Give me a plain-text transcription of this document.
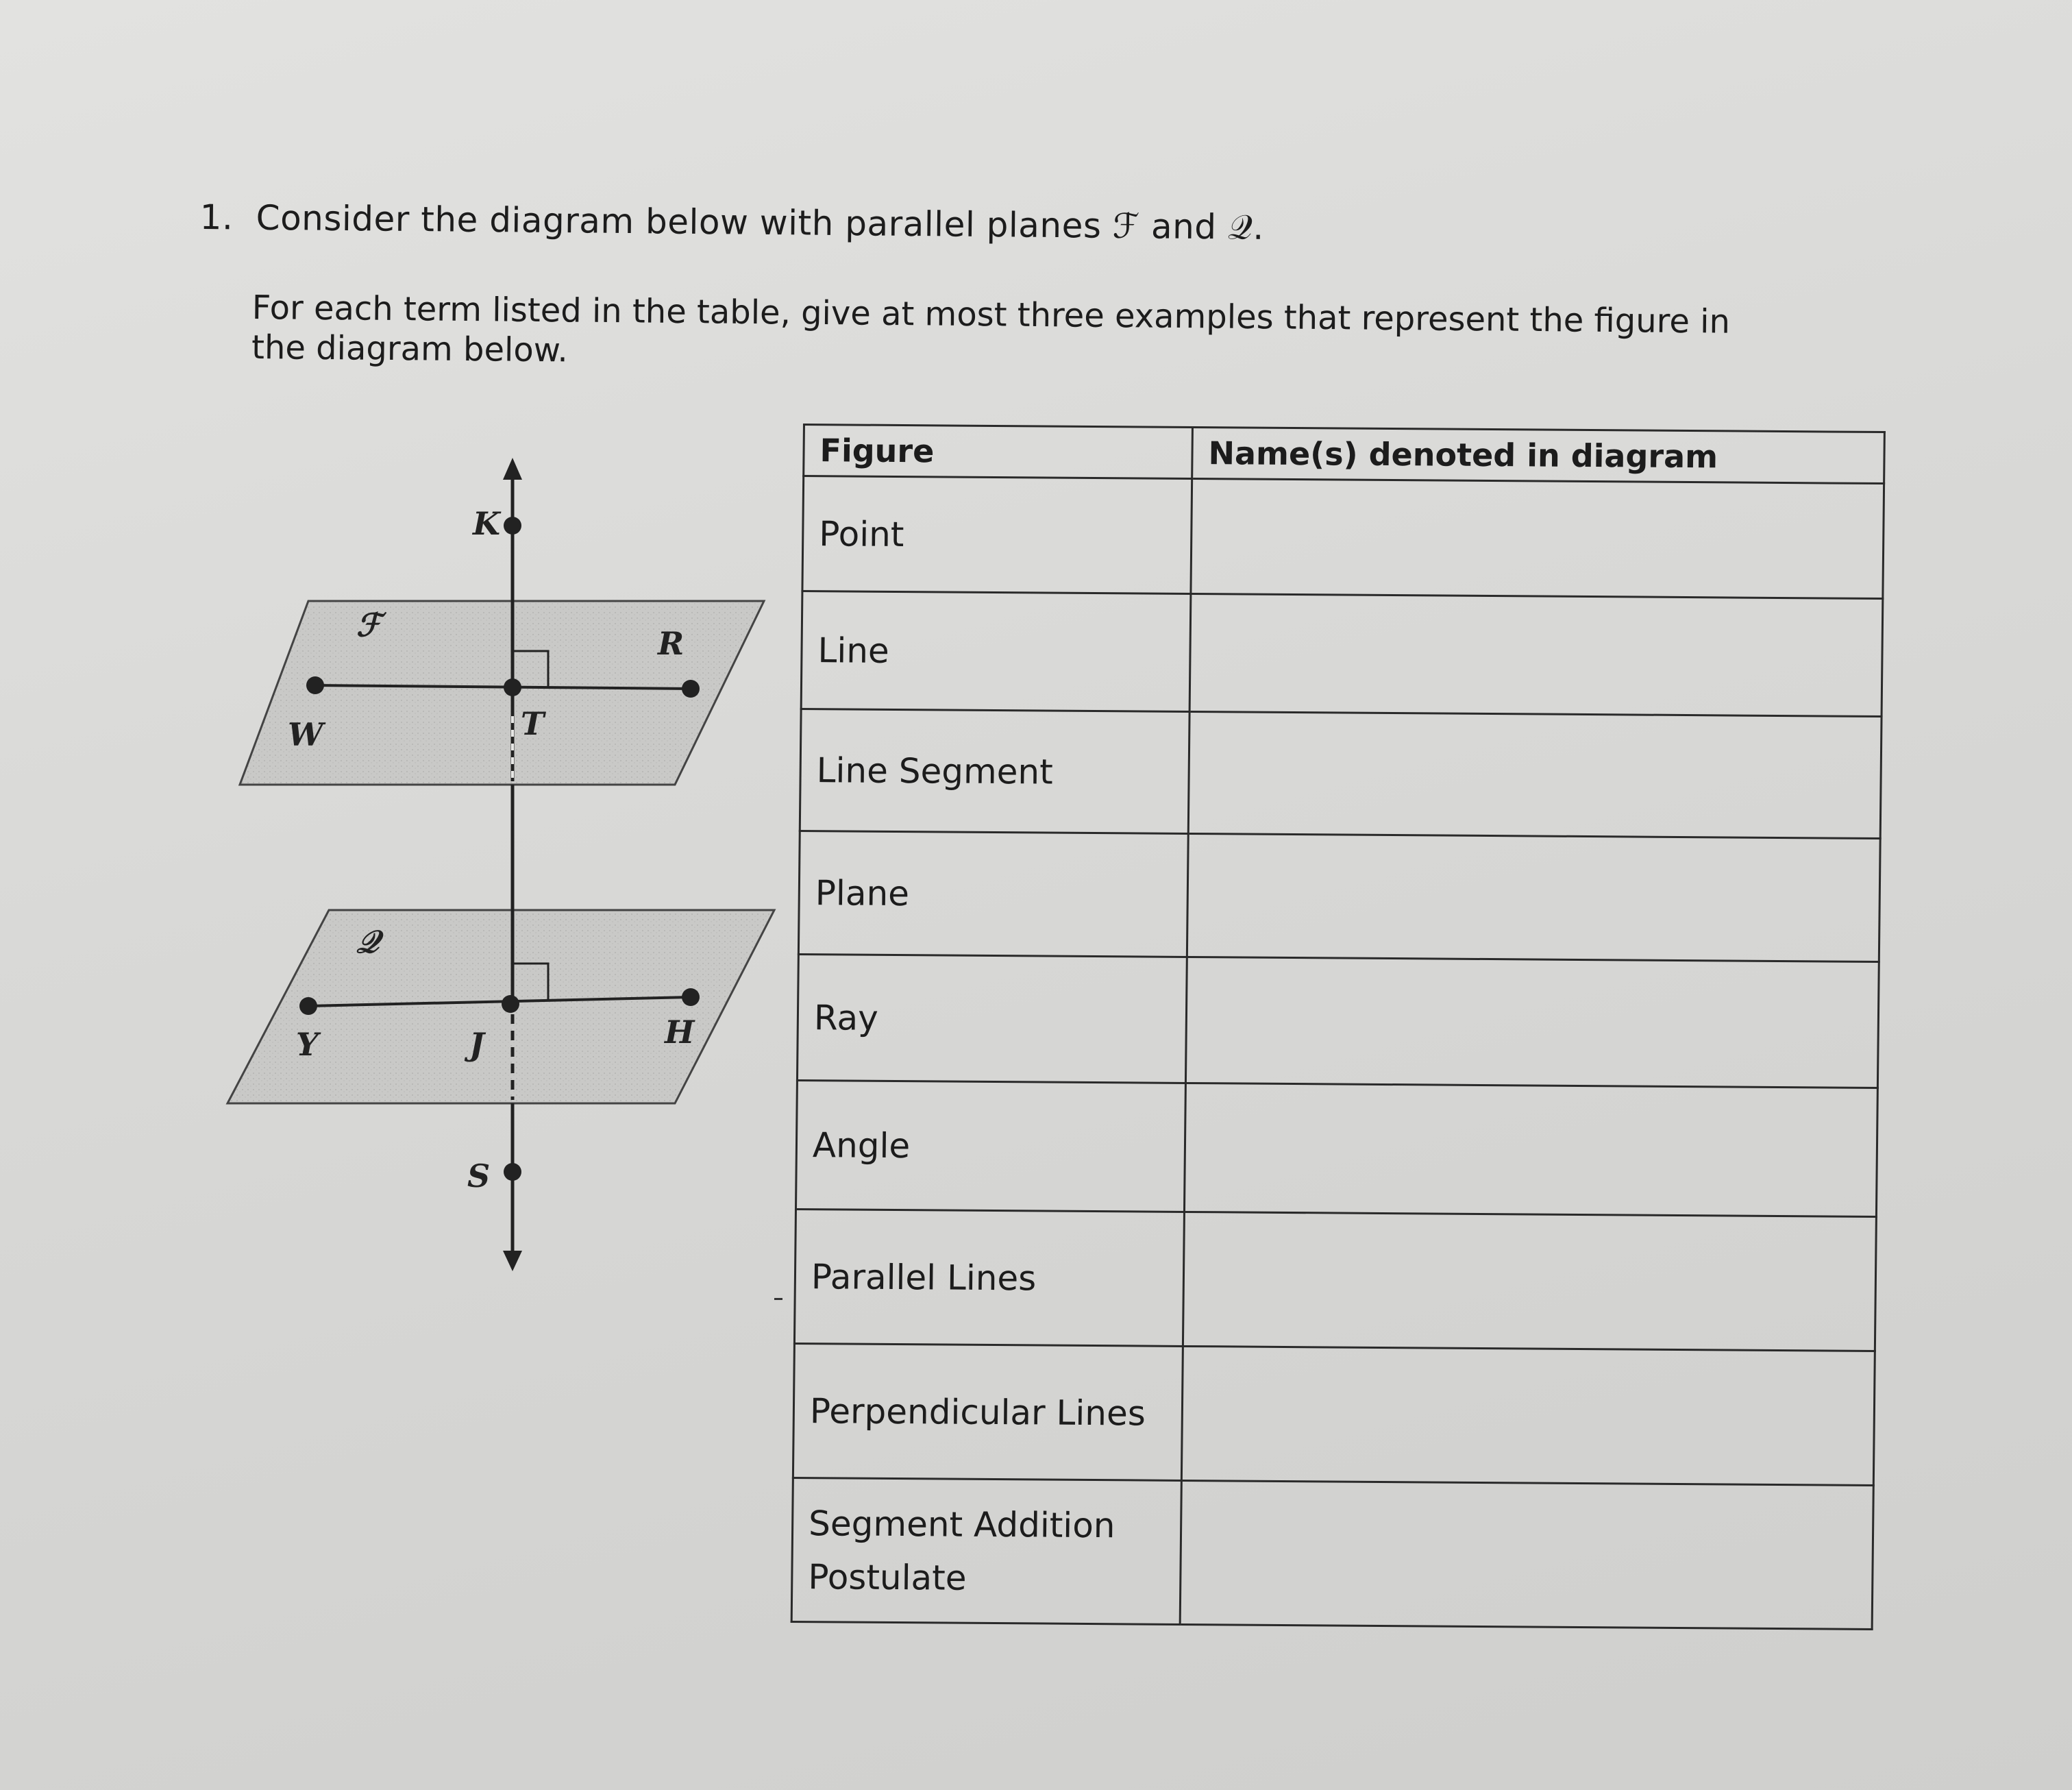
1. Consider the diagram below with parallel planes ℱ and 𝒬.
For each term listed in the table, give at most three examples that represent the figure in the diagram below.
ℱ
𝒬
K
R
W	T
Y	J	H
S
Figure	Name(s) denoted in diagram
Point	
Line	
Line Segment	
Plane	
Ray	
Angle	
Parallel Lines	
Perpendicular Lines	
Segment Addition Postulate	
